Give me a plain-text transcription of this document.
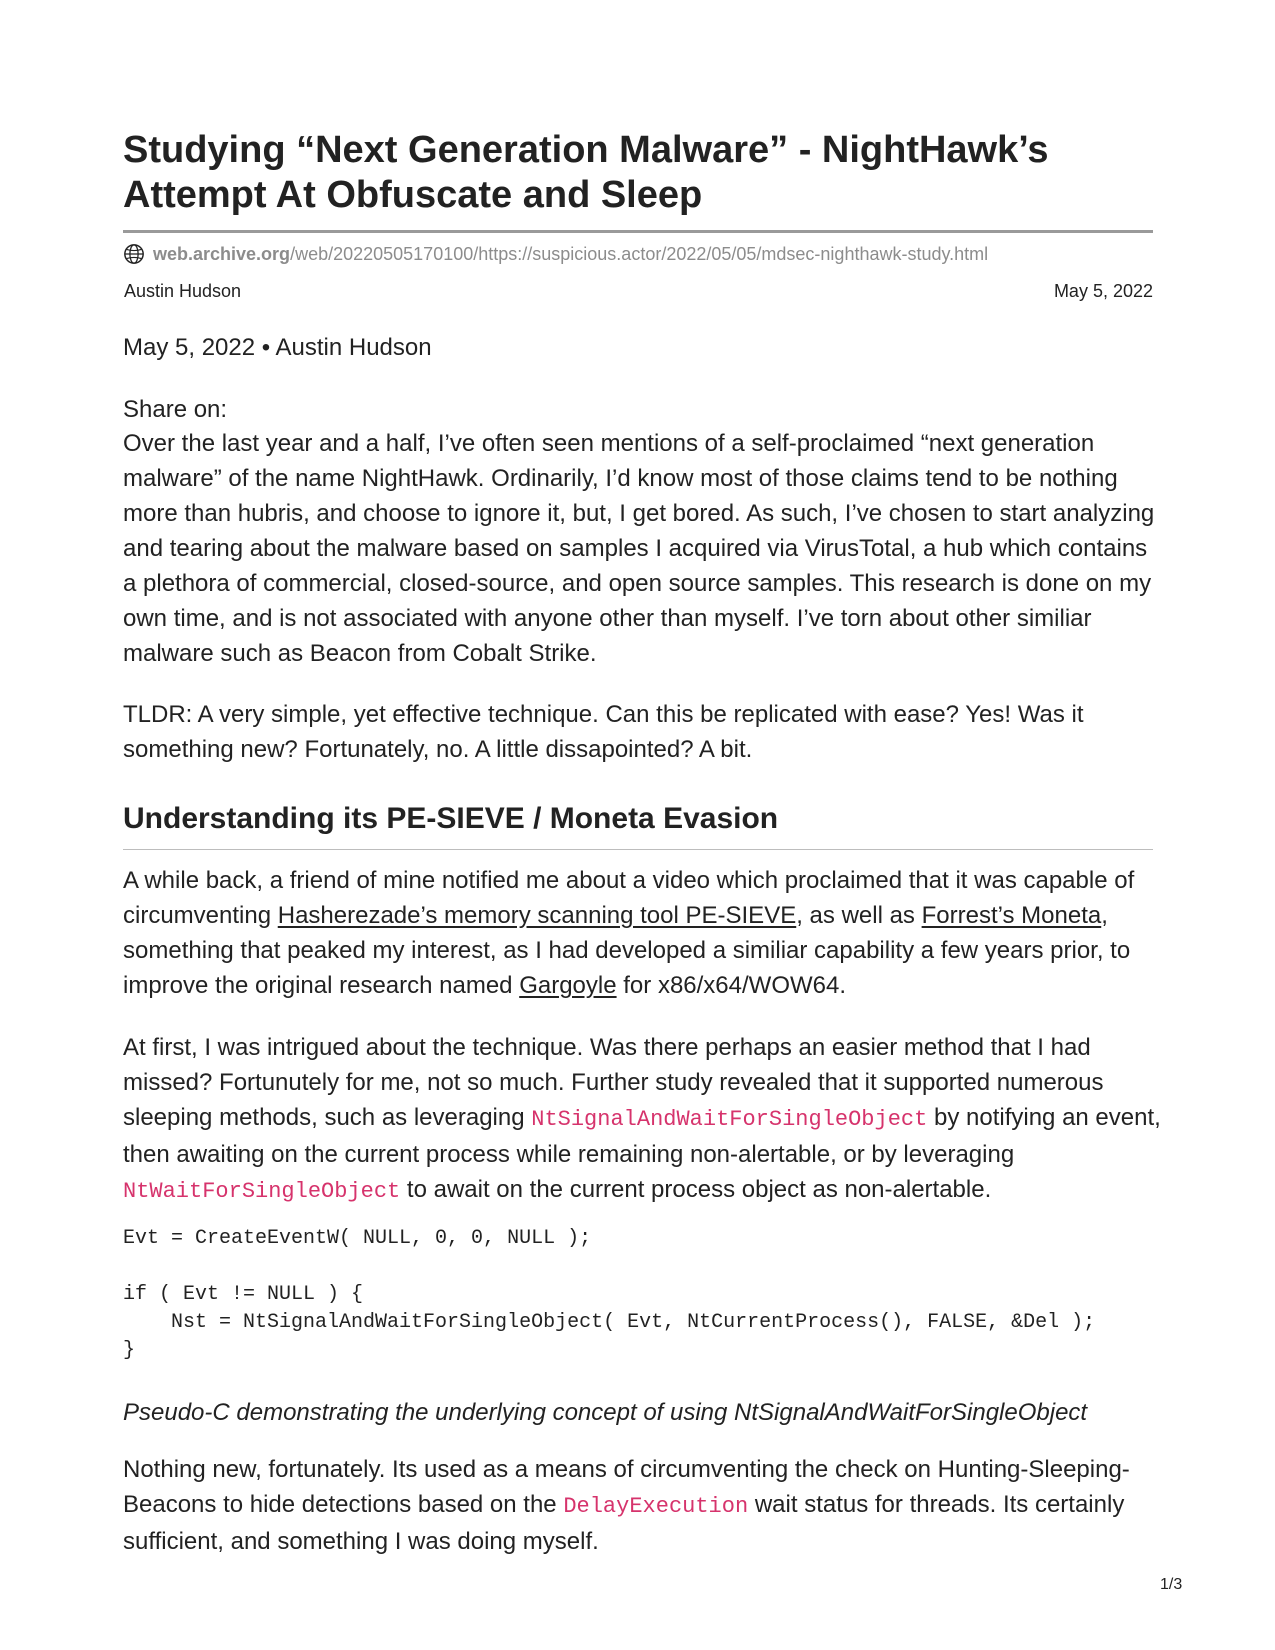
Studying “Next Generation Malware” - NightHawk’s Attempt At Obfuscate and Sleep
web.archive.org /web/20220505170100/https://suspicious.actor/2022/05/05/mdsec-nighthawk-study.html
Austin Hudson	May 5, 2022
May 5, 2022 • Austin Hudson
Share on:

Over the last year and a half, I’ve often seen mentions of a self-proclaimed “next generation malware” of the name NightHawk. Ordinarily, I’d know most of those claims tend to be nothing more than hubris, and choose to ignore it, but, I get bored. As such, I’ve chosen to start analyzing and tearing about the malware based on samples I acquired via VirusTotal, a hub which contains a plethora of commercial, closed-source, and open source samples. This research is done on my own time, and is not associated with anyone other than myself. I’ve torn about other similiar malware such as Beacon from Cobalt Strike.

TLDR: A very simple, yet effective technique. Can this be replicated with ease? Yes! Was it something new? Fortunately, no. A little dissapointed? A bit.

Understanding its PE-SIEVE / Moneta Evasion

A while back, a friend of mine notified me about a video which proclaimed that it was capable of circumventing Hasherezade’s memory scanning tool PE-SIEVE, as well as Forrest’s Moneta, something that peaked my interest, as I had developed a similiar capability a few years prior, to improve the original research named Gargoyle for x86/x64/WOW64.

At first, I was intrigued about the technique. Was there perhaps an easier method that I had missed? Fortunutely for me, not so much. Further study revealed that it supported numerous sleeping methods, such as leveraging NtSignalAndWaitForSingleObject by notifying an event, then awaiting on the current process while remaining non-alertable, or by leveraging NtWaitForSingleObject to await on the current process object as non-alertable.

Evt = CreateEventW( NULL, 0, 0, NULL );

if ( Evt != NULL ) {
Nst = NtSignalAndWaitForSingleObject( Evt, NtCurrentProcess(), FALSE, &Del );
}
Pseudo-C demonstrating the underlying concept of using NtSignalAndWaitForSingleObject

Nothing new, fortunately. Its used as a means of circumventing the check on Hunting-Sleeping-Beacons to hide detections based on the DelayExecution wait status for threads. Its certainly sufficient, and something I was doing myself.

1/3
